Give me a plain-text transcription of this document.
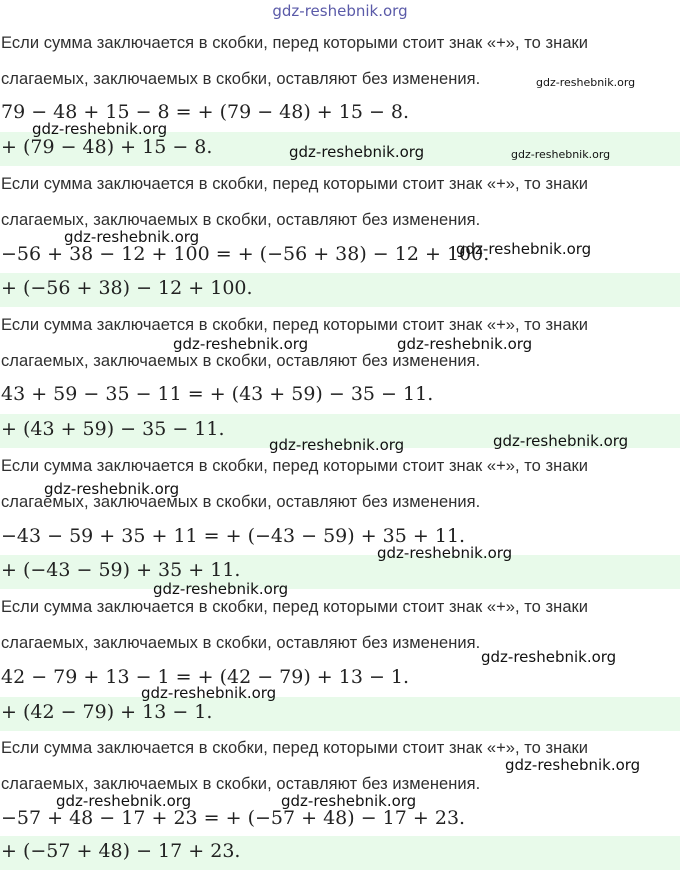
gdz-reshebnik.org
Если сумма заключается в скобки, перед которыми стоит знак «+», то знаки
слагаемых, заключаемых в скобки, оставляют без изменения.
79 − 48 + 15 − 8 = + (79 − 48) + 15 − 8.
+ (79 − 48) + 15 − 8.
Если сумма заключается в скобки, перед которыми стоит знак «+», то знаки
слагаемых, заключаемых в скобки, оставляют без изменения.
−56 + 38 − 12 + 100 = + (−56 + 38) − 12 + 100.
+ (−56 + 38) − 12 + 100.
Если сумма заключается в скобки, перед которыми стоит знак «+», то знаки
слагаемых, заключаемых в скобки, оставляют без изменения.
43 + 59 − 35 − 11 = + (43 + 59) − 35 − 11.
+ (43 + 59) − 35 − 11.
Если сумма заключается в скобки, перед которыми стоит знак «+», то знаки
слагаемых, заключаемых в скобки, оставляют без изменения.
−43 − 59 + 35 + 11 = + (−43 − 59) + 35 + 11.
+ (−43 − 59) + 35 + 11.
Если сумма заключается в скобки, перед которыми стоит знак «+», то знаки
слагаемых, заключаемых в скобки, оставляют без изменения.
42 − 79 + 13 − 1 = + (42 − 79) + 13 − 1.
+ (42 − 79) + 13 − 1.
Если сумма заключается в скобки, перед которыми стоит знак «+», то знаки
слагаемых, заключаемых в скобки, оставляют без изменения.
−57 + 48 − 17 + 23 = + (−57 + 48) − 17 + 23.
+ (−57 + 48) − 17 + 23.
gdz-reshebnik.org
gdz-reshebnik.org
gdz-reshebnik.org	gdz-reshebnik.org
gdz-reshebnik.org
gdz-reshebnik.org
gdz-reshebnik.org	gdz-reshebnik.org
gdz-reshebnik.org
gdz-reshebnik.org
gdz-reshebnik.org
gdz-reshebnik.org
gdz-reshebnik.org
gdz-reshebnik.org
gdz-reshebnik.org
gdz-reshebnik.org
gdz-reshebnik.org	gdz-reshebnik.org
